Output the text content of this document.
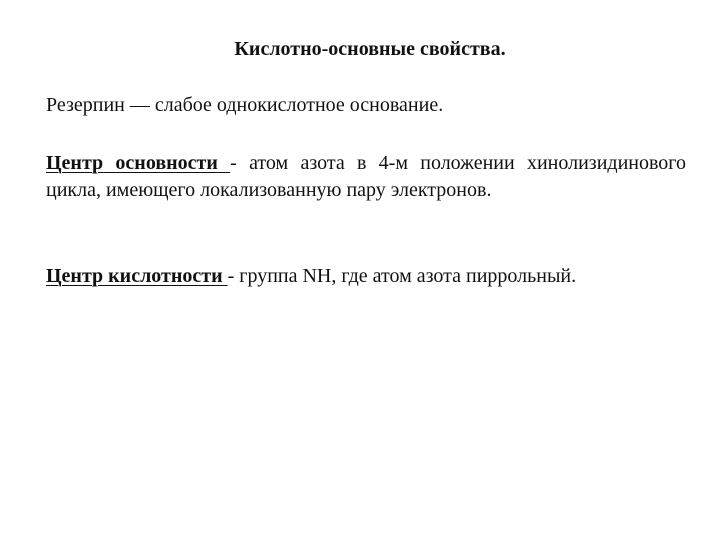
Кислотно-основные свойства.

Резерпин — слабое однокислотное основание.

Центр основности - атом азота в 4-м положении хинолизидинового цикла, имеющего локализованную пару электронов.

Центр кислотности - группа NH, где атом азота пиррольный.
